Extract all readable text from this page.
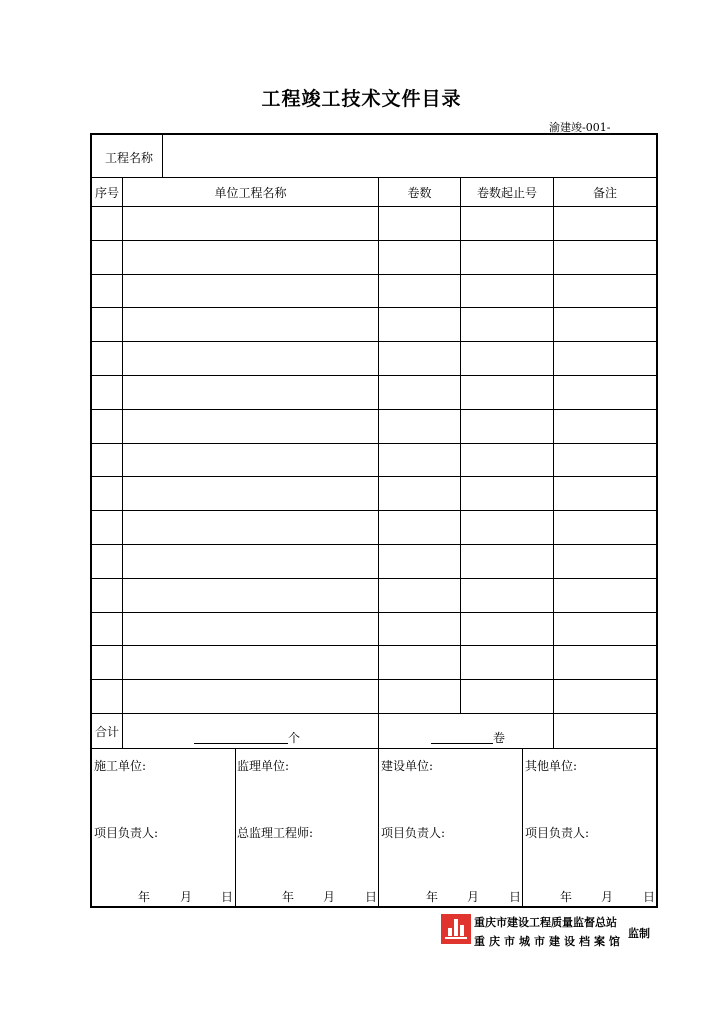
工程竣工技术文件目录
渝建竣-001-
工程名称
序号	单位工程名称	卷数	卷数起止号	备注
合计	个	卷
施工单位:
项目负责人:
年 月 日
监理单位:
总监理工程师:
年 月 日
建设单位:
项目负责人:
年 月 日
其他单位:
项目负责人:
年 月 日
重庆市建设工程质量监督总站
重庆市城市建设档案馆
监制
